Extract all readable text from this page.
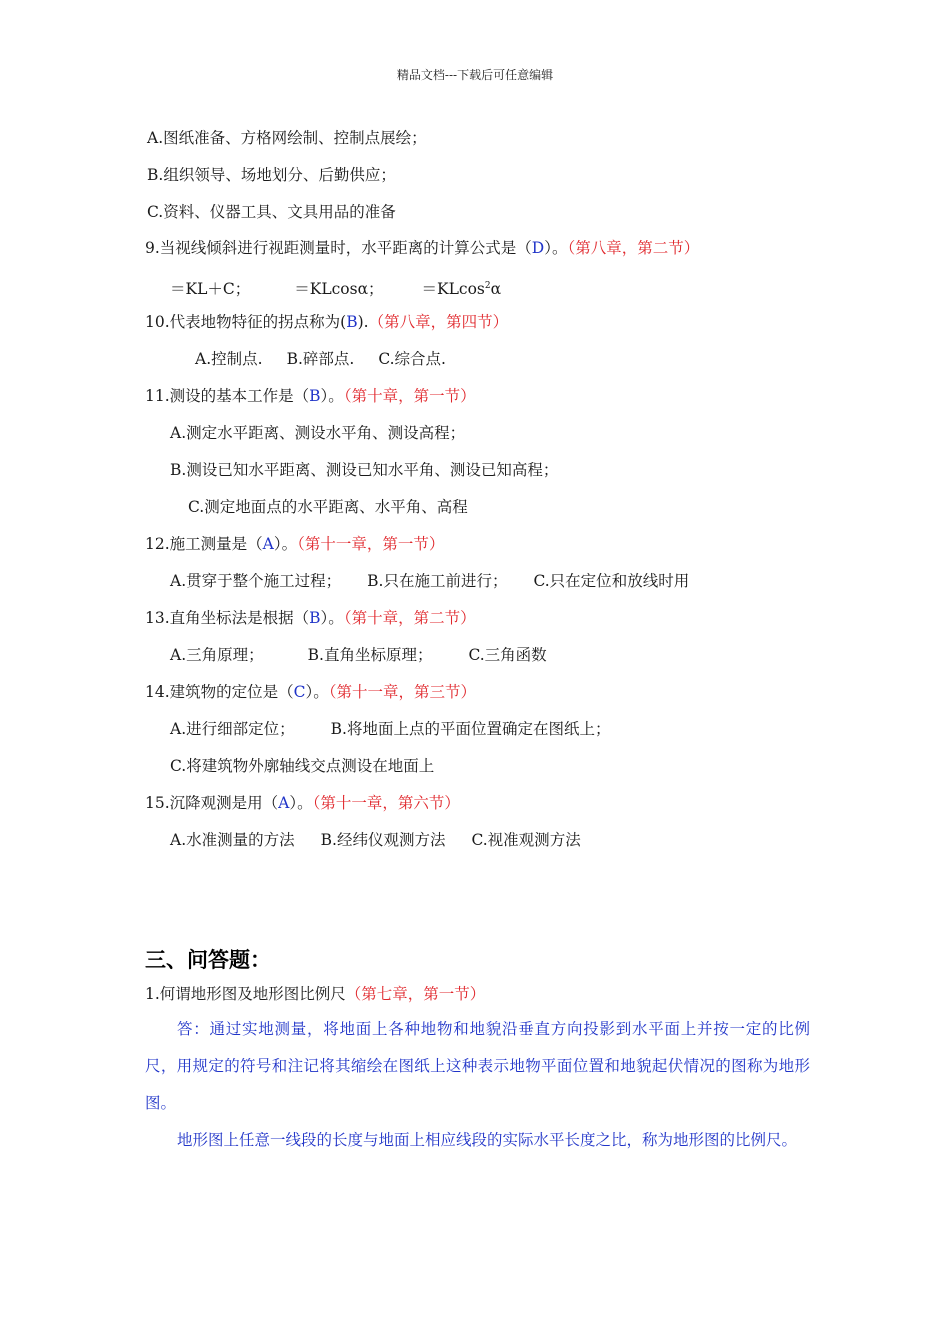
精品文档---下载后可任意编辑
A.图纸准备、方格网绘制、控制点展绘；
B.组织领导、场地划分、后勤供应；
C.资料、仪器工具、文具用品的准备
9.当视线倾斜进行视距测量时，水平距离的计算公式是（D）。（第八章，第二节）
＝KL＋C；	＝KLcosα； ＝KLcos$^2$α
10.代表地物特征的拐点称为(B).（第八章，第四节）
A.控制点. B.碎部点. C.综合点.
11.测设的基本工作是（B）。（第十章，第一节）
A.测定水平距离、测设水平角、测设高程；
B.测设已知水平距离、测设已知水平角、测设已知高程；
C.测定地面点的水平距离、水平角、高程
12.施工测量是（A）。（第十一章，第一节）
A.贯穿于整个施工过程； B.只在施工前进行； C.只在定位和放线时用
13.直角坐标法是根据（B）。（第十章，第二节）
A.三角原理；	B.直角坐标原理； C.三角函数
14.建筑物的定位是（C）。（第十一章，第三节）
A.进行细部定位； B.将地面上点的平面位置确定在图纸上；
C.将建筑物外廓轴线交点测设在地面上
15.沉降观测是用（A）。（第十一章，第六节）
A.水准测量的方法 B.经纬仪观测方法 C.视准观测方法
三、问答题：
1.何谓地形图及地形图比例尺（第七章，第一节）
答：通过实地测量，将地面上各种地物和地貌沿垂直方向投影到水平面上并按一定的比例尺，用规定的符号和注记将其缩绘在图纸上这种表示地物平面位置和地貌起伏情况的图称为地形图。
地形图上任意一线段的长度与地面上相应线段的实际水平长度之比，称为地形图的比例尺。
